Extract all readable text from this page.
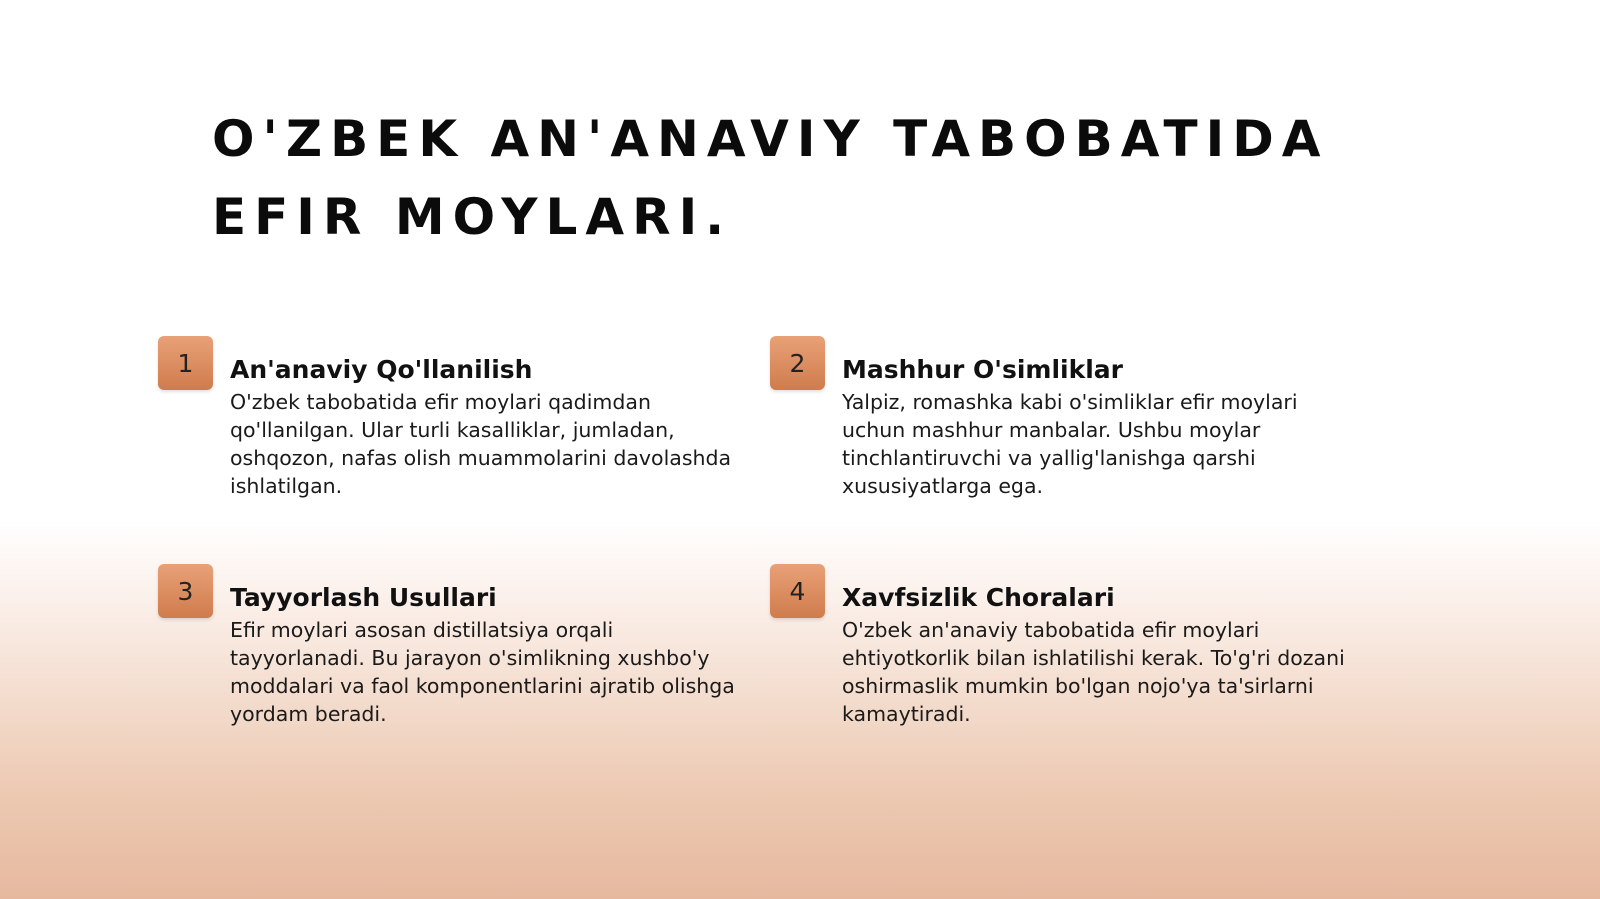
O'ZBEK AN'ANAVIY TABOBATIDA
EFIR MOYLARI.
1	An'anaviy Qo'llanilish

O'zbek tabobatida efir moylari qadimdan qo'llanilgan. Ular turli kasalliklar, jumladan, oshqozon, nafas olish muammolarini davolashda ishlatilgan.

2	Mashhur O'simliklar

Yalpiz, romashka kabi o'simliklar efir moylari uchun mashhur manbalar. Ushbu moylar tinchlantiruvchi va yallig'lanishga qarshi xususiyatlarga ega.

3	Tayyorlash Usullari

Efir moylari asosan distillatsiya orqali tayyorlanadi. Bu jarayon o'simlikning xushbo'y moddalari va faol komponentlarini ajratib olishga yordam beradi.

4	Xavfsizlik Choralari

O'zbek an'anaviy tabobatida efir moylari ehtiyotkorlik bilan ishlatilishi kerak. To'g'ri dozani oshirmaslik mumkin bo'lgan nojo'ya ta'sirlarni kamaytiradi.
